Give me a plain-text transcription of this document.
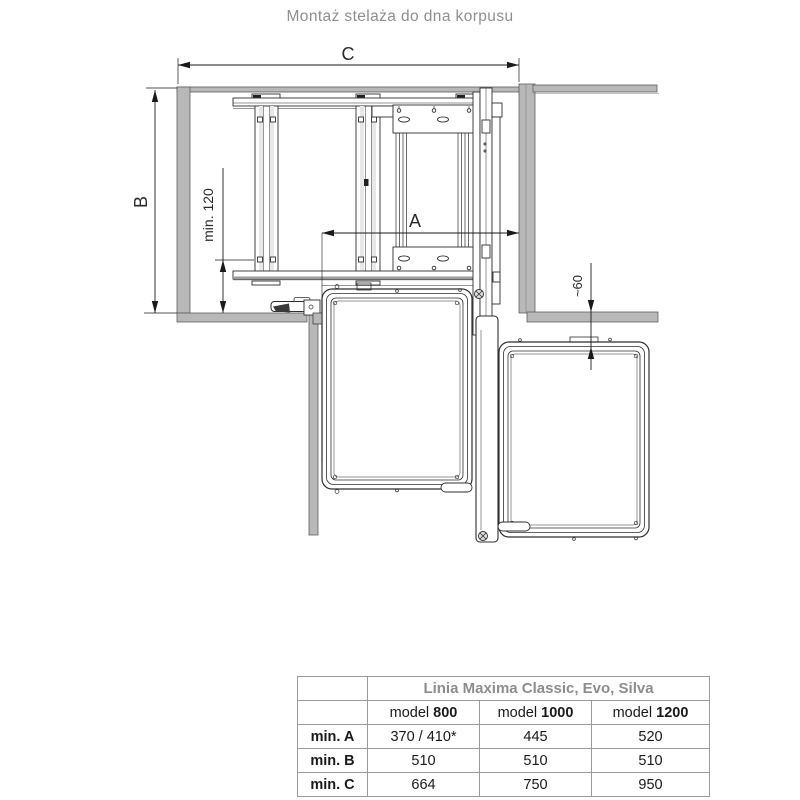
Montaż stelaża do dna korpusu
C
B	min. 120	A
~60
	Linia Maxima Classic, Evo, Silva		
	model 800	model 1000	model 1200
min. A	370 / 410*	445	520
min. B	510	510	510
min. C	664	750	950
